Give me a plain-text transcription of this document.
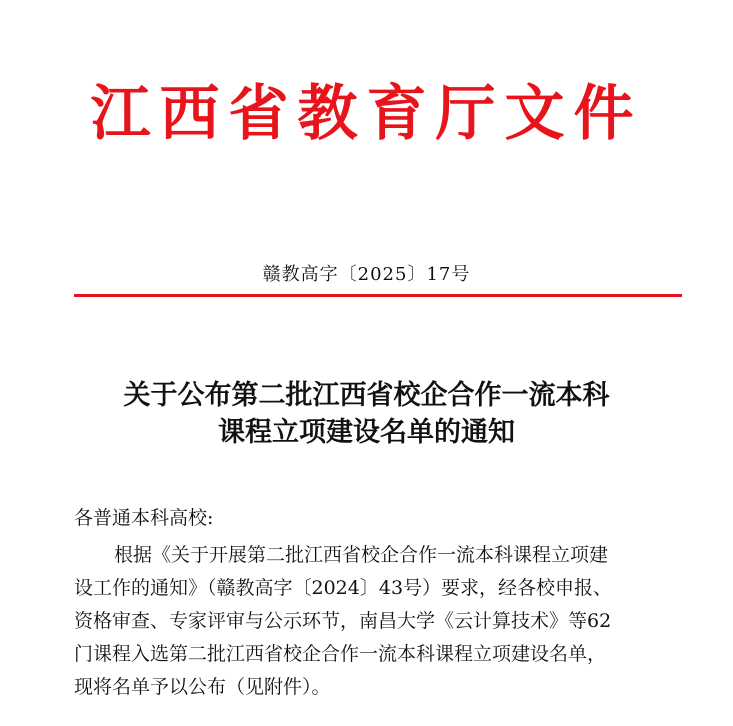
江西省教育厅文件
赣教高字〔2025〕17号
关于公布第二批江西省校企合作一流本科
课程立项建设名单的通知
各普通本科高校:
根据《关于开展第二批江西省校企合作一流本科课程立项建
设工作的通知》（赣教高字〔2024〕43号）要求，经各校申报、
资格审查、专家评审与公示环节，南昌大学《云计算技术》等62
门课程入选第二批江西省校企合作一流本科课程立项建设名单，
现将名单予以公布（见附件）。
